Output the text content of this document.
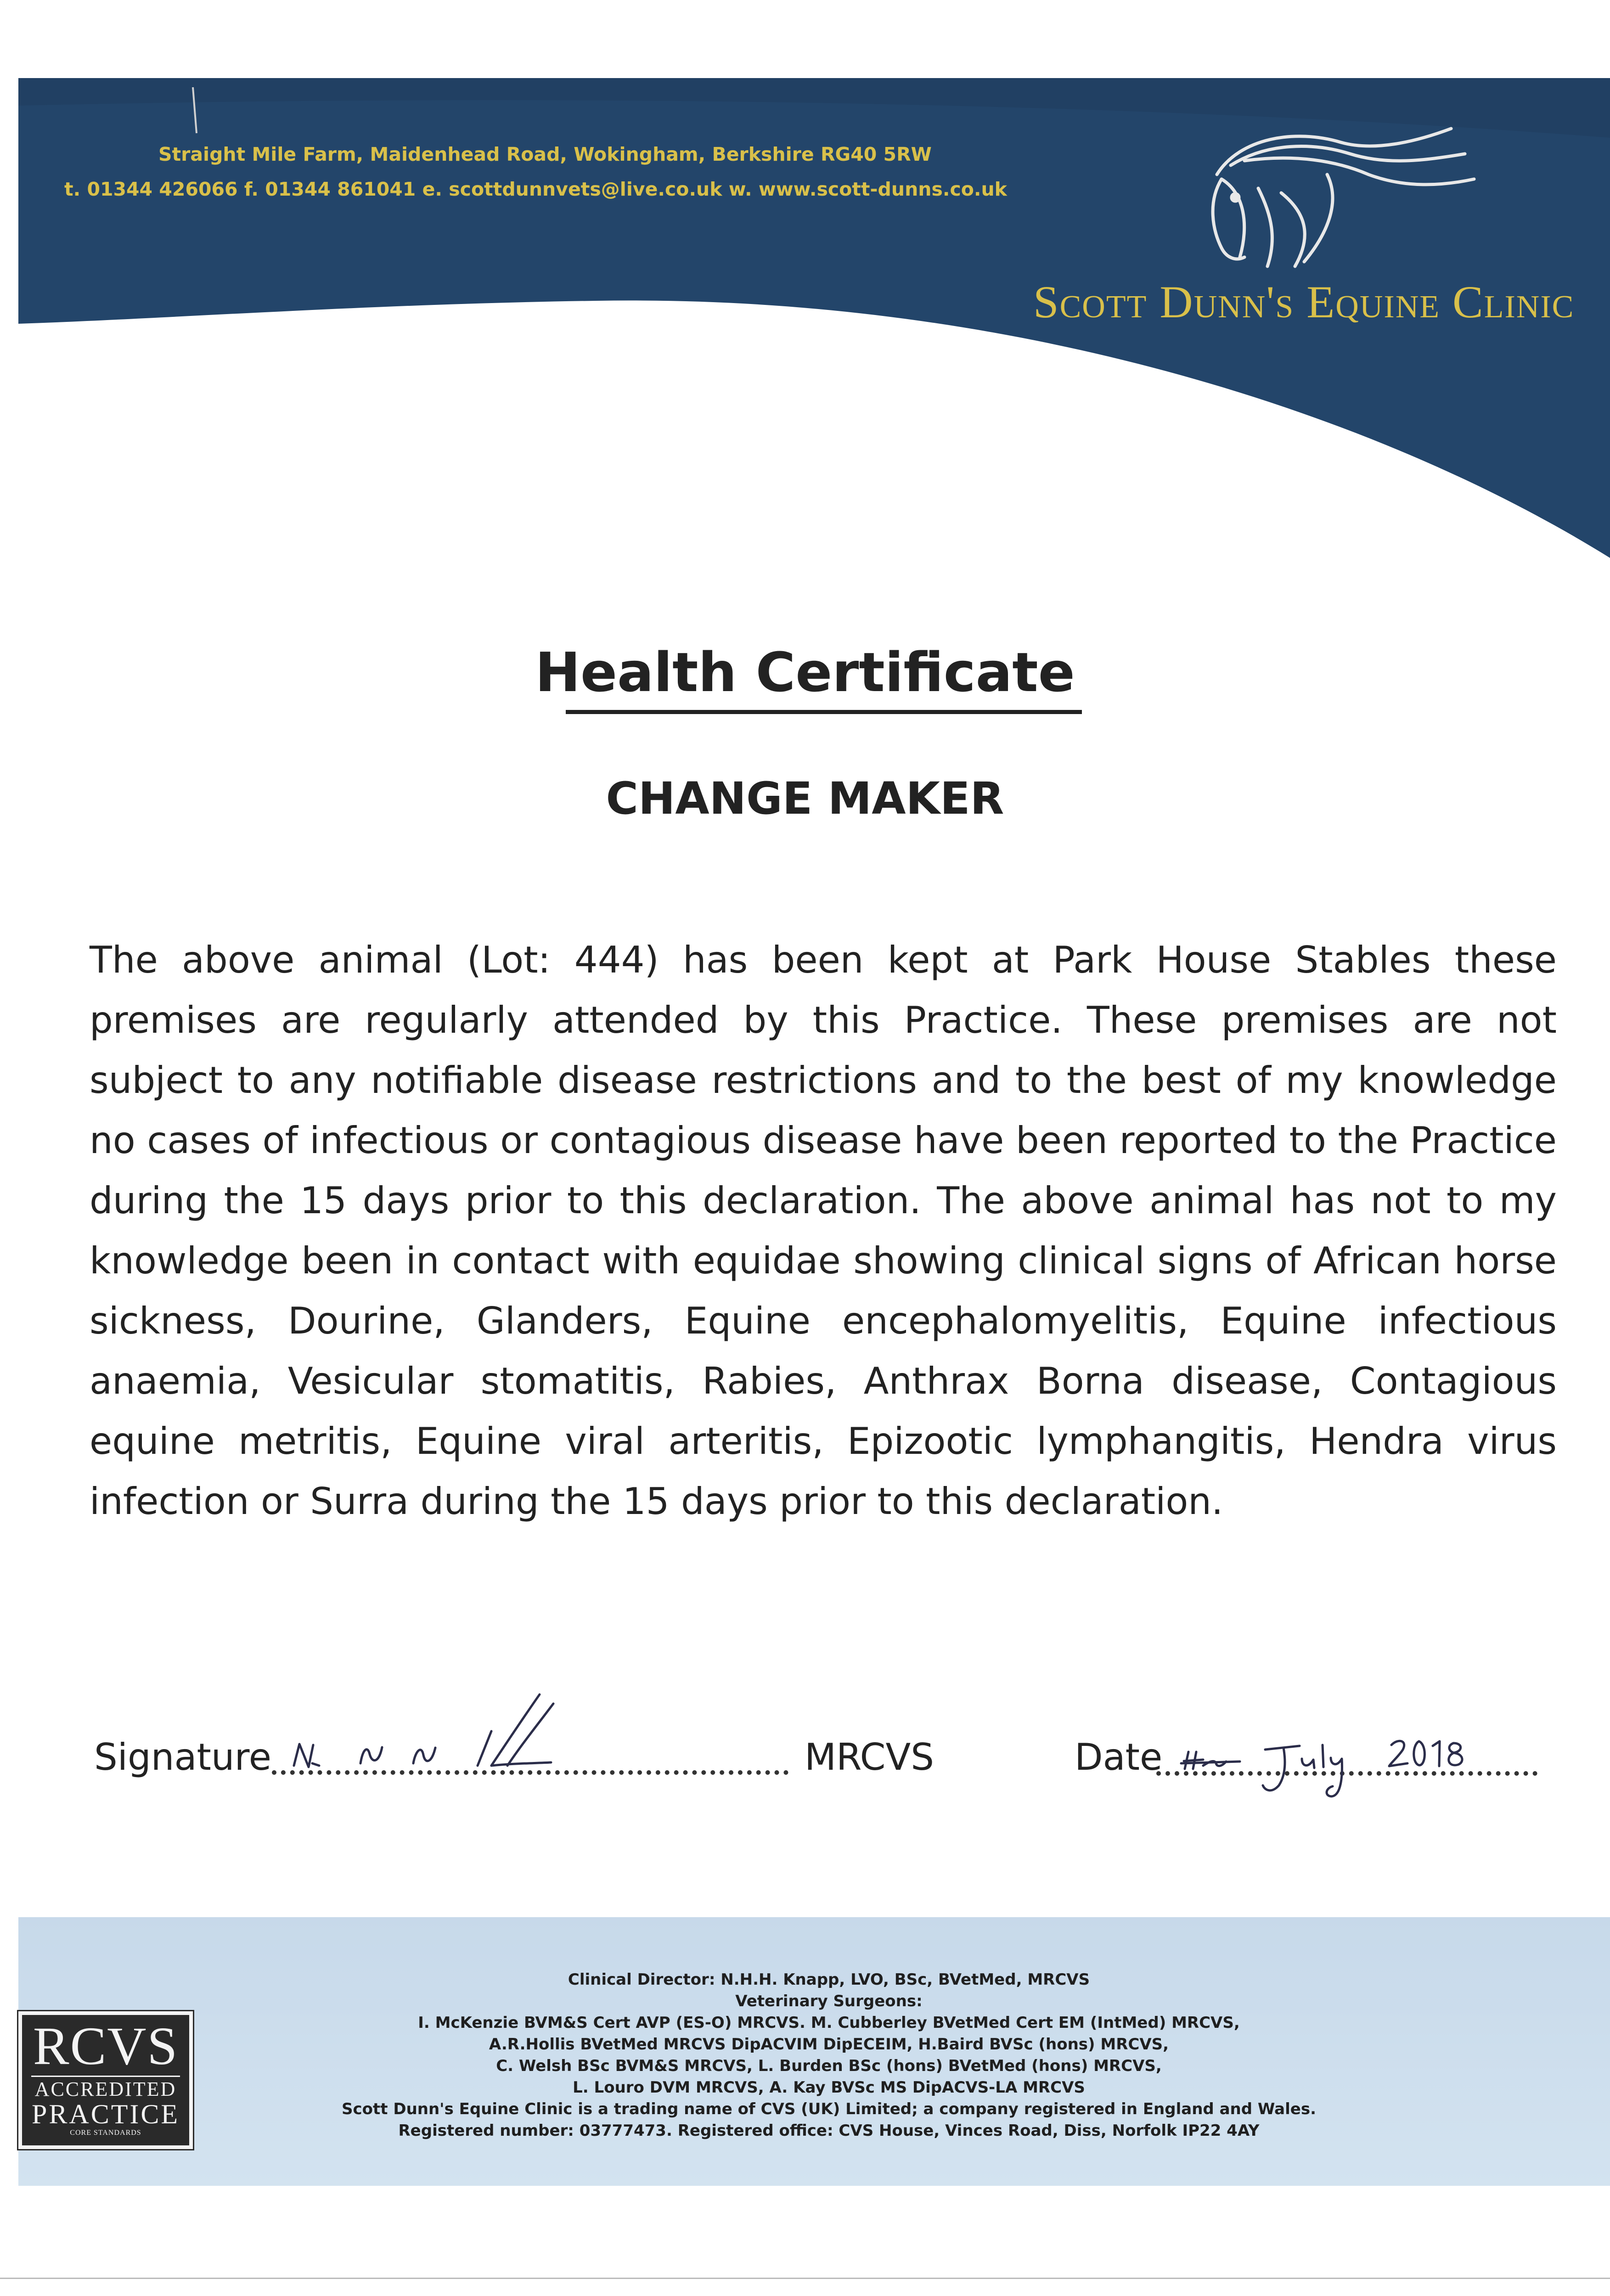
Straight Mile Farm, Maidenhead Road, Wokingham, Berkshire RG40 5RW
t. 01344 426066 f. 01344 861041 e. scottdunnvets@live.co.uk w. www.scott-dunns.co.uk
Scott Dunn's Equine Clinic
Health Certificate
CHANGE MAKER

The above animal (Lot: 444) has been kept at Park House Stables these premises are regularly attended by this Practice. These premises are not subject to any notifiable disease restrictions and to the best of my knowledge no cases of infectious or contagious disease have been reported to the Practice during the 15 days prior to this declaration. The above animal has not to my knowledge been in contact with equidae showing clinical signs of African horse sickness, Dourine, Glanders, Equine encephalomyelitis, Equine infectious anaemia, Vesicular stomatitis, Rabies, Anthrax Borna disease, Contagious equine metritis, Equine viral arteritis, Epizootic lymphangitis, Hendra virus infection or Surra during the 15 days prior to this declaration.

Signature	MRCVS	Date
Clinical Director: N.H.H. Knapp, LVO, BSc, BVetMed, MRCVS
Veterinary Surgeons:
I. McKenzie BVM&S Cert AVP (ES-O) MRCVS. M. Cubberley BVetMed Cert EM (IntMed) MRCVS,
A.R.Hollis BVetMed MRCVS DipACVIM DipECEIM, H.Baird BVSc (hons) MRCVS,
C. Welsh BSc BVM&S MRCVS, L. Burden BSc (hons) BVetMed (hons) MRCVS,
L. Louro DVM MRCVS, A. Kay BVSc MS DipACVS-LA MRCVS
Scott Dunn's Equine Clinic is a trading name of CVS (UK) Limited; a company registered in England and Wales.
Registered number: 03777473. Registered office: CVS House, Vinces Road, Diss, Norfolk IP22 4AY
RCVS
ACCREDITED
PRACTICE
CORE STANDARDS
